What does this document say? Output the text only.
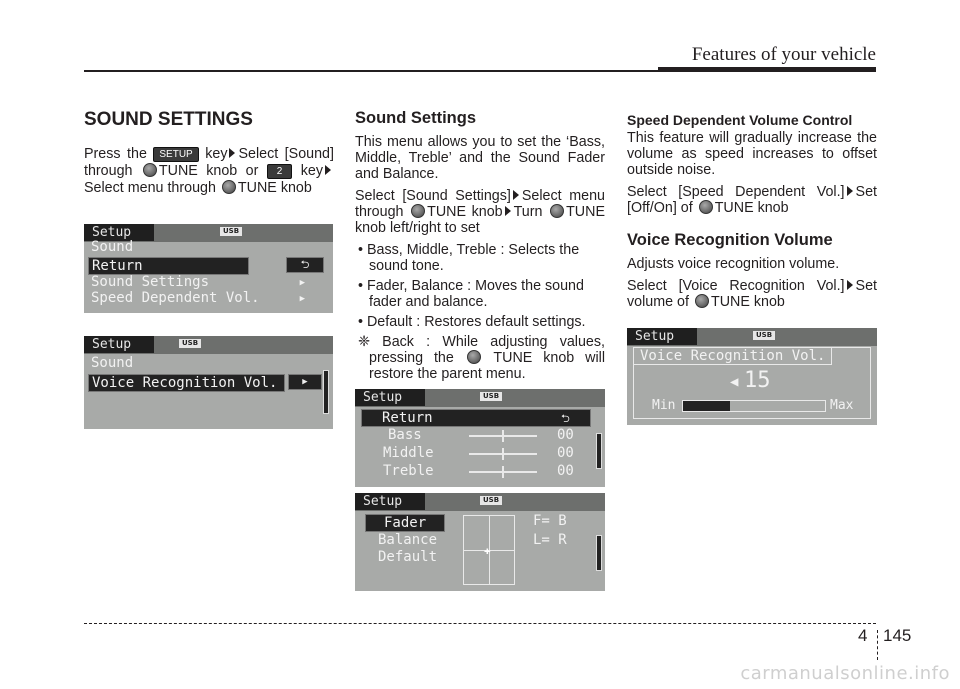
Features of your vehicle
SOUND SETTINGS
Press the SETUP key Select [Sound] through TUNE knob or 2 key Select menu through TUNE knob
Setup	USB
Sound
Return	⮌
Sound Settings	▶
Speed Dependent Vol.	▶
Setup	USB
Sound
Voice Recognition Vol.	▶
Sound Settings
This menu allows you to set the ‘Bass, Middle, Treble’ and the Sound Fader and Balance.
Select [Sound Settings] Select menu through TUNE knob Turn TUNE knob left/right to set
• Bass, Middle, Treble : Selects the sound tone.
• Fader, Balance : Moves the sound fader and balance.
• Default : Restores default settings.
❈ Back : While adjusting values, pressing the	TUNE knob will restore the parent menu.
Setup	USB
Return	⮌
Bass	00
Middle	00
Treble	00
Setup	USB
Fader
Balance
Default	✚
F= B
L= R
Speed Dependent Volume Control
This feature will gradually increase the volume as speed increases to offset outside noise.
Select [Speed Dependent Vol.] Set [Off/On] of TUNE knob
Voice Recognition Volume
Adjusts voice recognition volume.
Select [Voice Recognition Vol.] Set volume of TUNE knob
Setup	USB
Voice Recognition Vol.
◀ 15
Min	Max
4 145
carmanualsonline.info
